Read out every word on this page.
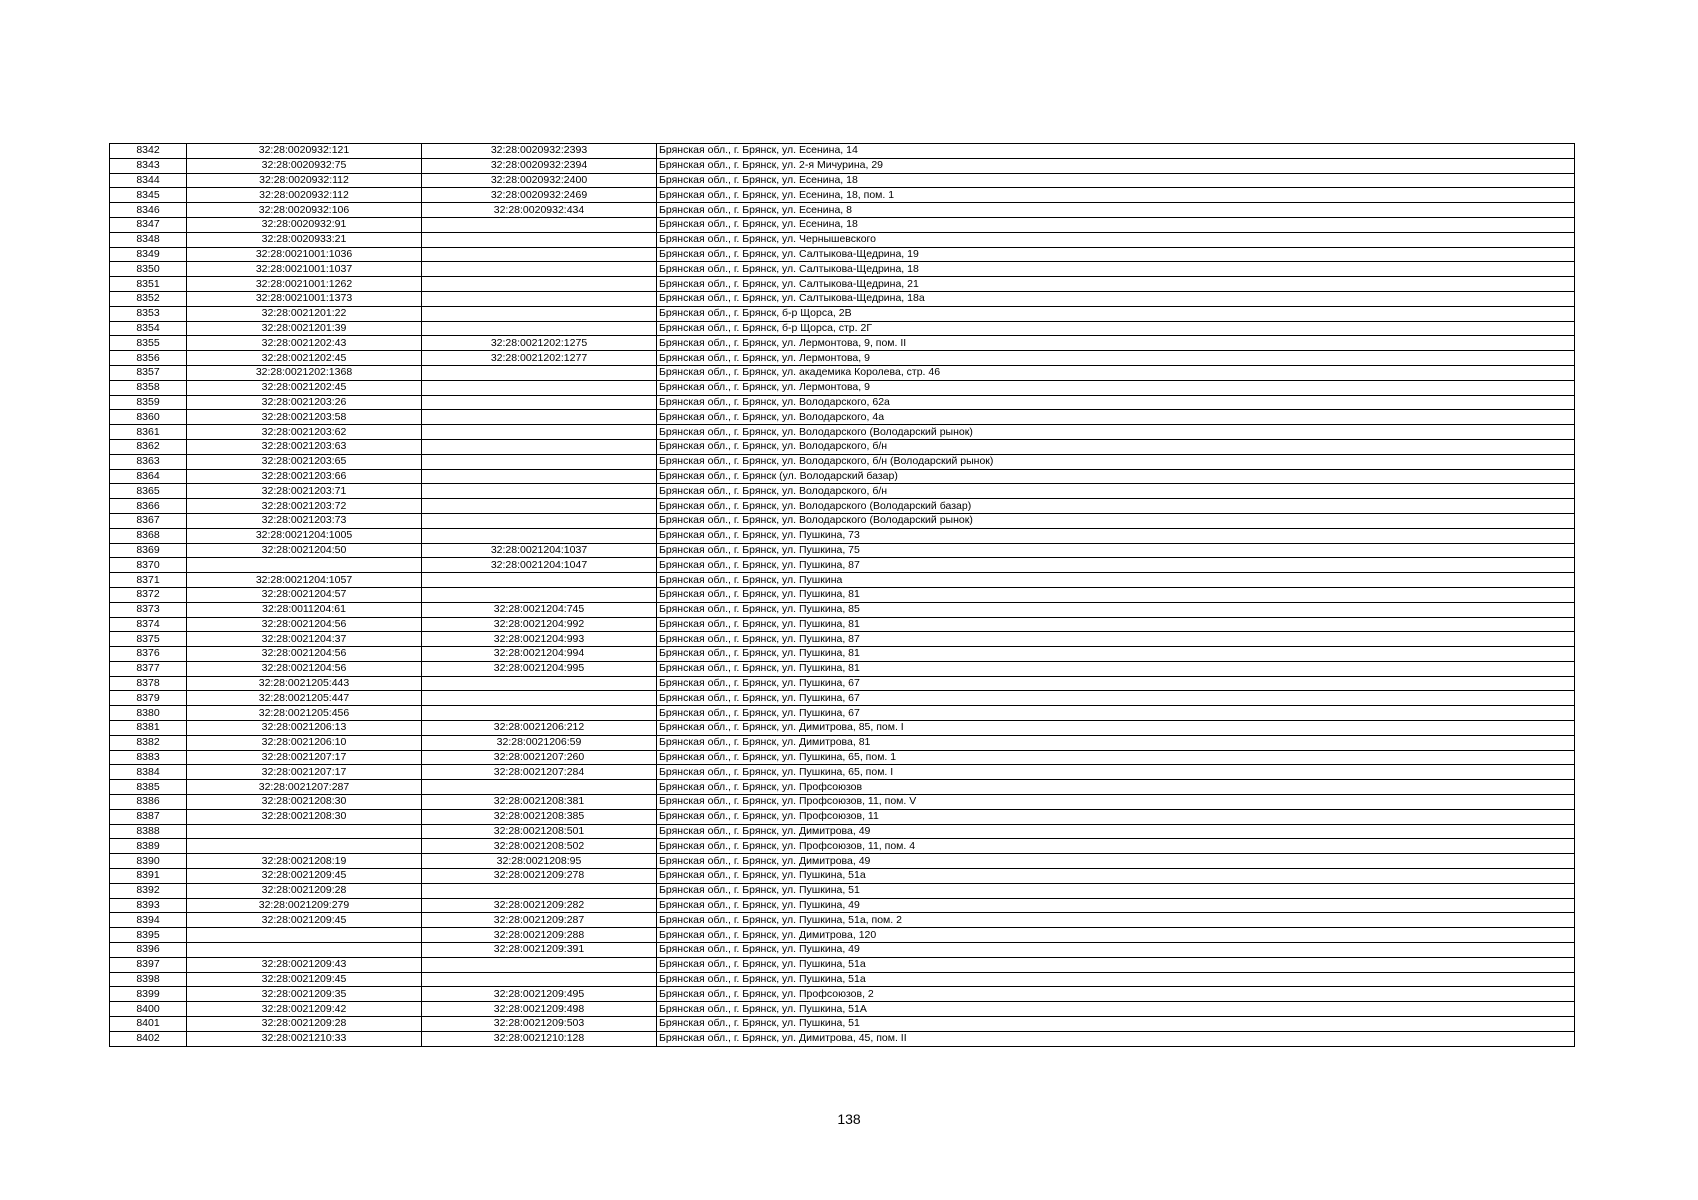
8342	32:28:0020932:121	32:28:0020932:2393	Брянская обл., г. Брянск, ул. Есенина, 14
8343	32:28:0020932:75	32:28:0020932:2394	Брянская обл., г. Брянск, ул. 2-я Мичурина, 29
8344	32:28:0020932:112	32:28:0020932:2400	Брянская обл., г. Брянск, ул. Есенина, 18
8345	32:28:0020932:112	32:28:0020932:2469	Брянская обл., г. Брянск, ул. Есенина, 18, пом. 1
8346	32:28:0020932:106	32:28:0020932:434	Брянская обл., г. Брянск, ул. Есенина, 8
8347	32:28:0020932:91		Брянская обл., г. Брянск, ул. Есенина, 18
8348	32:28:0020933:21		Брянская обл., г. Брянск, ул. Чернышевского
8349	32:28:0021001:1036		Брянская обл., г. Брянск, ул. Салтыкова-Щедрина, 19
8350	32:28:0021001:1037		Брянская обл., г. Брянск, ул. Салтыкова-Щедрина, 18
8351	32:28:0021001:1262		Брянская обл., г. Брянск, ул. Салтыкова-Щедрина, 21
8352	32:28:0021001:1373		Брянская обл., г. Брянск, ул. Салтыкова-Щедрина, 18а
8353	32:28:0021201:22		Брянская обл., г. Брянск, б-р Щорса, 2В
8354	32:28:0021201:39		Брянская обл., г. Брянск, б-р Щорса, стр. 2Г
8355	32:28:0021202:43	32:28:0021202:1275	Брянская обл., г. Брянск, ул. Лермонтова, 9, пом. II
8356	32:28:0021202:45	32:28:0021202:1277	Брянская обл., г. Брянск, ул. Лермонтова, 9
8357	32:28:0021202:1368		Брянская обл., г. Брянск, ул. академика Королева, стр. 46
8358	32:28:0021202:45		Брянская обл., г. Брянск, ул. Лермонтова, 9
8359	32:28:0021203:26		Брянская обл., г. Брянск, ул. Володарского, 62а
8360	32:28:0021203:58		Брянская обл., г. Брянск, ул. Володарского, 4а
8361	32:28:0021203:62		Брянская обл., г. Брянск, ул. Володарского (Володарский рынок)
8362	32:28:0021203:63		Брянская обл., г. Брянск, ул. Володарского, б/н
8363	32:28:0021203:65		Брянская обл., г. Брянск, ул. Володарского, б/н (Володарский рынок)
8364	32:28:0021203:66		Брянская обл., г. Брянск (ул. Володарский базар)
8365	32:28:0021203:71		Брянская обл., г. Брянск, ул. Володарского, б/н
8366	32:28:0021203:72		Брянская обл., г. Брянск, ул. Володарского (Володарский базар)
8367	32:28:0021203:73		Брянская обл., г. Брянск, ул. Володарского (Володарский рынок)
8368	32:28:0021204:1005		Брянская обл., г. Брянск, ул. Пушкина, 73
8369	32:28:0021204:50	32:28:0021204:1037	Брянская обл., г. Брянск, ул. Пушкина, 75
8370		32:28:0021204:1047	Брянская обл., г. Брянск, ул. Пушкина, 87
8371	32:28:0021204:1057		Брянская обл., г. Брянск, ул. Пушкина
8372	32:28:0021204:57		Брянская обл., г. Брянск, ул. Пушкина, 81
8373	32:28:0011204:61	32:28:0021204:745	Брянская обл., г. Брянск, ул. Пушкина, 85
8374	32:28:0021204:56	32:28:0021204:992	Брянская обл., г. Брянск, ул. Пушкина, 81
8375	32:28:0021204:37	32:28:0021204:993	Брянская обл., г. Брянск, ул. Пушкина, 87
8376	32:28:0021204:56	32:28:0021204:994	Брянская обл., г. Брянск, ул. Пушкина, 81
8377	32:28:0021204:56	32:28:0021204:995	Брянская обл., г. Брянск, ул. Пушкина, 81
8378	32:28:0021205:443		Брянская обл., г. Брянск, ул. Пушкина, 67
8379	32:28:0021205:447		Брянская обл., г. Брянск, ул. Пушкина, 67
8380	32:28:0021205:456		Брянская обл., г. Брянск, ул. Пушкина, 67
8381	32:28:0021206:13	32:28:0021206:212	Брянская обл., г. Брянск, ул. Димитрова, 85, пом. I
8382	32:28:0021206:10	32:28:0021206:59	Брянская обл., г. Брянск, ул. Димитрова, 81
8383	32:28:0021207:17	32:28:0021207:260	Брянская обл., г. Брянск, ул. Пушкина, 65, пом. 1
8384	32:28:0021207:17	32:28:0021207:284	Брянская обл., г. Брянск, ул. Пушкина, 65, пом. I
8385	32:28:0021207:287		Брянская обл., г. Брянск, ул. Профсоюзов
8386	32:28:0021208:30	32:28:0021208:381	Брянская обл., г. Брянск, ул. Профсоюзов, 11, пом. V
8387	32:28:0021208:30	32:28:0021208:385	Брянская обл., г. Брянск, ул. Профсоюзов, 11
8388		32:28:0021208:501	Брянская обл., г. Брянск, ул. Димитрова, 49
8389		32:28:0021208:502	Брянская обл., г. Брянск, ул. Профсоюзов, 11, пом. 4
8390	32:28:0021208:19	32:28:0021208:95	Брянская обл., г. Брянск, ул. Димитрова, 49
8391	32:28:0021209:45	32:28:0021209:278	Брянская обл., г. Брянск, ул. Пушкина, 51а
8392	32:28:0021209:28		Брянская обл., г. Брянск, ул. Пушкина, 51
8393	32:28:0021209:279	32:28:0021209:282	Брянская обл., г. Брянск, ул. Пушкина, 49
8394	32:28:0021209:45	32:28:0021209:287	Брянская обл., г. Брянск, ул. Пушкина, 51а, пом. 2
8395		32:28:0021209:288	Брянская обл., г. Брянск, ул. Димитрова, 120
8396		32:28:0021209:391	Брянская обл., г. Брянск, ул. Пушкина, 49
8397	32:28:0021209:43		Брянская обл., г. Брянск, ул. Пушкина, 51а
8398	32:28:0021209:45		Брянская обл., г. Брянск, ул. Пушкина, 51а
8399	32:28:0021209:35	32:28:0021209:495	Брянская обл., г. Брянск, ул. Профсоюзов, 2
8400	32:28:0021209:42	32:28:0021209:498	Брянская обл., г. Брянск, ул. Пушкина, 51А
8401	32:28:0021209:28	32:28:0021209:503	Брянская обл., г. Брянск, ул. Пушкина, 51
8402	32:28:0021210:33	32:28:0021210:128	Брянская обл., г. Брянск, ул. Димитрова, 45, пом. II
138
